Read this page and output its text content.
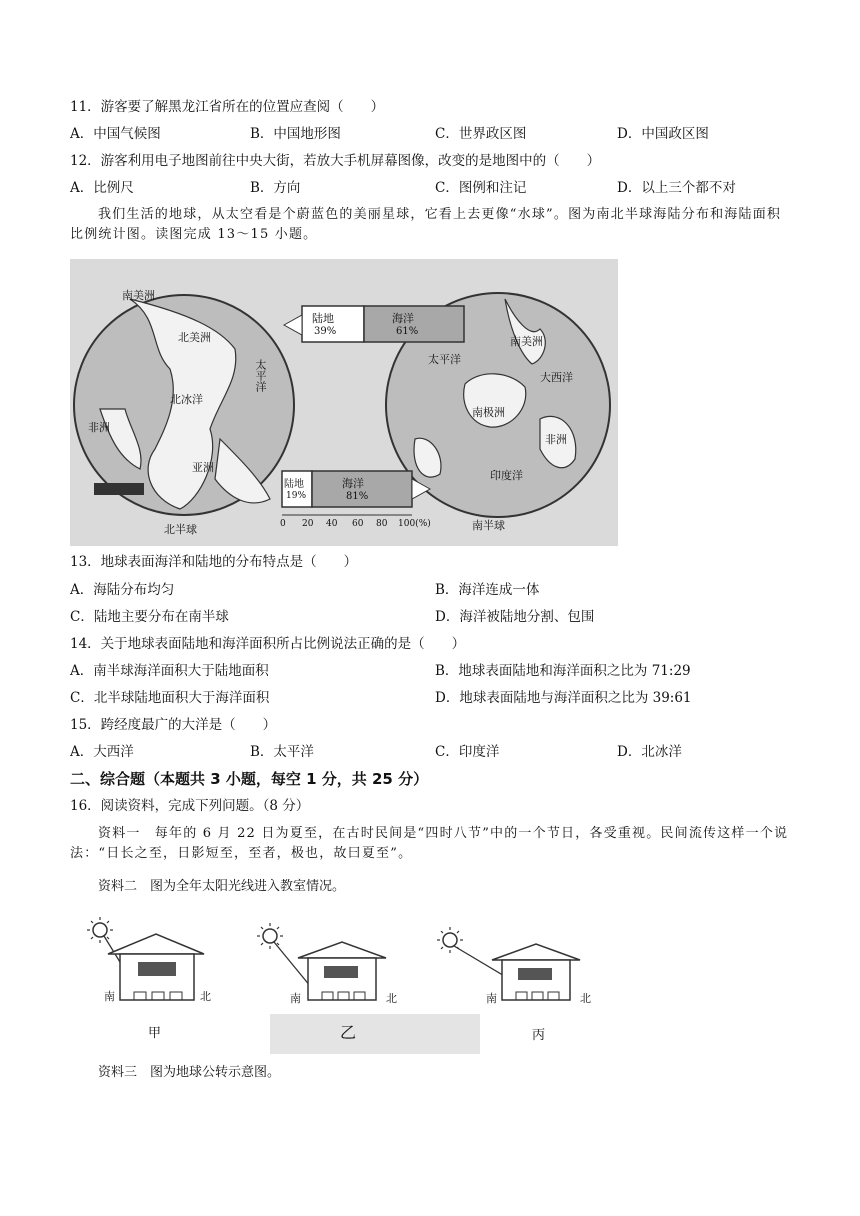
11．游客要了解黑龙江省所在的位置应查阅（　　）
A．中国气候图	B．中国地形图	C．世界政区图	D．中国政区图
12．游客利用电子地图前往中央大街，若放大手机屏幕图像，改变的是地图中的（　　）
A．比例尺	B．方向	C．图例和注记	D．以上三个都不对
我们生活的地球，从太空看是个蔚蓝色的美丽星球，它看上去更像“水球”。图为南北半球海陆分布和海陆面积比例统计图。读图完成 13～15 小题。
南美洲
北美洲
北冰洋
太平洋
非洲
亚洲
北半球
南美洲
太平洋
大西洋
南极洲
非洲
印度洋
南半球
陆地
39%
海洋
61%
陆地
19%
海洋
81%
0 20 40 60 80 100(%)
13．地球表面海洋和陆地的分布特点是（　　）
A．海陆分布均匀	B．海洋连成一体
C．陆地主要分布在南半球	D．海洋被陆地分割、包围
14．关于地球表面陆地和海洋面积所占比例说法正确的是（　　）
A．南半球海洋面积大于陆地面积	B．地球表面陆地和海洋面积之比为 71:29
C．北半球陆地面积大于海洋面积	D．地球表面陆地与海洋面积之比为 39:61
15．跨经度最广的大洋是（　　）
A．大西洋	B．太平洋	C．印度洋	D．北冰洋
二、综合题（本题共 3 小题，每空 1 分，共 25 分）
16．阅读资料，完成下列问题。（8 分）
资料一　每年的 6 月 22 日为夏至，在古时民间是“四时八节”中的一个节日，各受重视。民间流传这样一个说法：“日长之至，日影短至，至者，极也，故曰夏至”。
资料二　图为全年太阳光线进入教室情况。
南	北
甲
南	北
乙
南	北
丙
资料三　图为地球公转示意图。
